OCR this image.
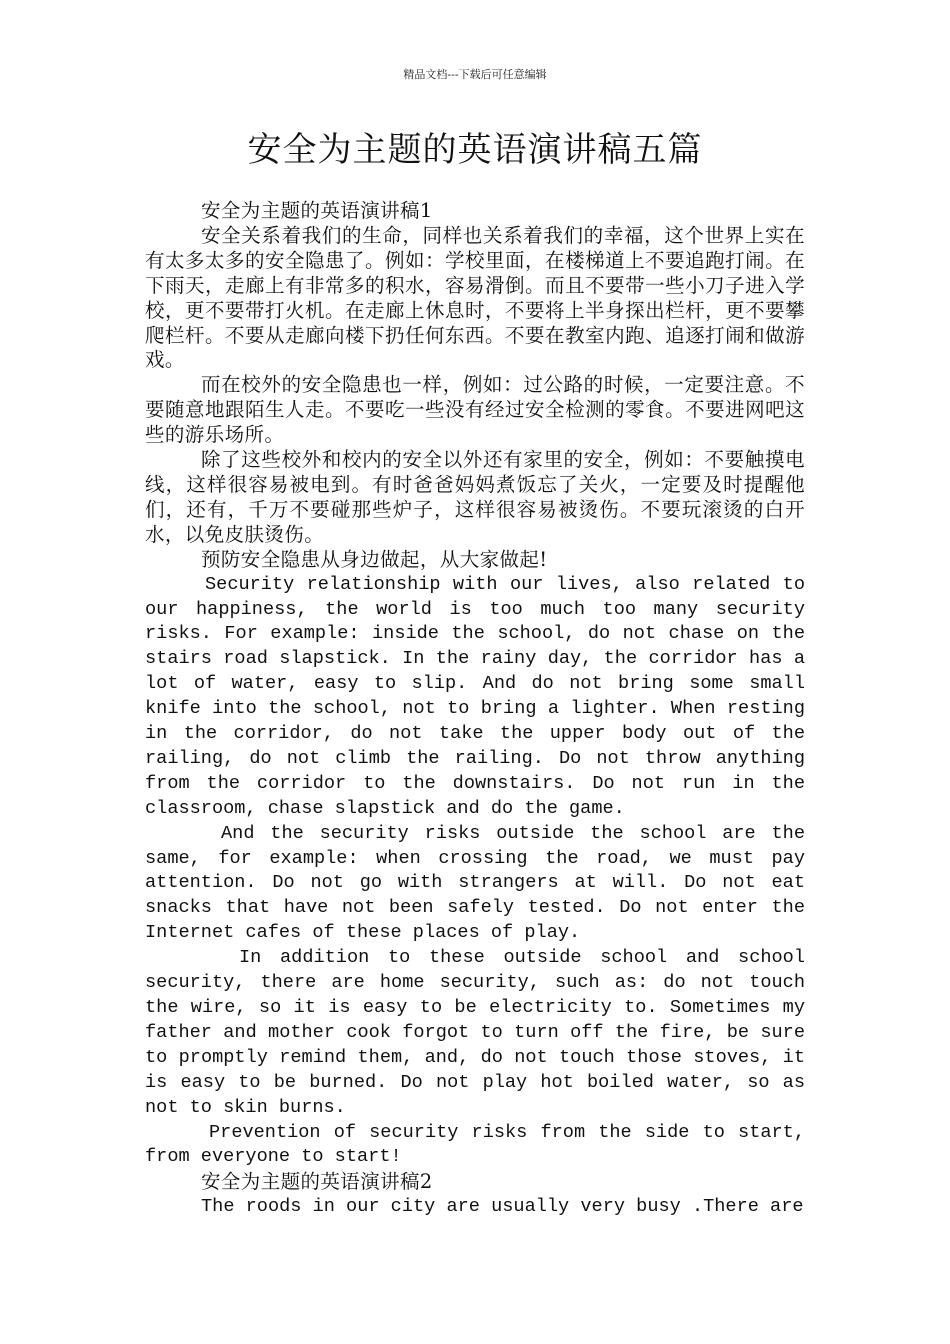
精品文档---下载后可任意编辑
安全为主题的英语演讲稿五篇

安全为主题的英语演讲稿1

安全关系着我们的生命，同样也关系着我们的幸福，这个世界上实在有太多太多的安全隐患了。例如：学校里面，在楼梯道上不要追跑打闹。在下雨天，走廊上有非常多的积水，容易滑倒。而且不要带一些小刀子进入学校，更不要带打火机。在走廊上休息时，不要将上半身探出栏杆，更不要攀爬栏杆。不要从走廊向楼下扔任何东西。不要在教室内跑、追逐打闹和做游戏。

而在校外的安全隐患也一样，例如：过公路的时候，一定要注意。不要随意地跟陌生人走。不要吃一些没有经过安全检测的零食。不要进网吧这些的游乐场所。

除了这些校外和校内的安全以外还有家里的安全，例如：不要触摸电线，这样很容易被电到。有时爸爸妈妈煮饭忘了关火，一定要及时提醒他们，还有，千万不要碰那些炉子，这样很容易被烫伤。不要玩滚烫的白开水，以免皮肤烫伤。

预防安全隐患从身边做起，从大家做起!

Security relationship with our lives, also related to our happiness, the world is too much too many security risks. For example: inside the school, do not chase on the stairs road slapstick. In the rainy day, the corridor has a lot of water, easy to slip. And do not bring some small knife into the school, not to bring a lighter. When resting in the corridor, do not take the upper body out of the railing, do not climb the railing. Do not throw anything from the corridor to the downstairs. Do not run in the classroom, chase slapstick and do the game.

And the security risks outside the school are the same, for example: when crossing the road, we must pay attention. Do not go with strangers at will. Do not eat snacks that have not been safely tested. Do not enter the Internet cafes of these places of play.

In addition to these outside school and school security, there are home security, such as: do not touch the wire, so it is easy to be electricity to. Sometimes my father and mother cook forgot to turn off the fire, be sure to promptly remind them, and, do not touch those stoves, it is easy to be burned. Do not play hot boiled water, so as not to skin burns.

Prevention of security risks from the side to start, from everyone to start!

安全为主题的英语演讲稿2

The roods in our city are usually very busy .There are
